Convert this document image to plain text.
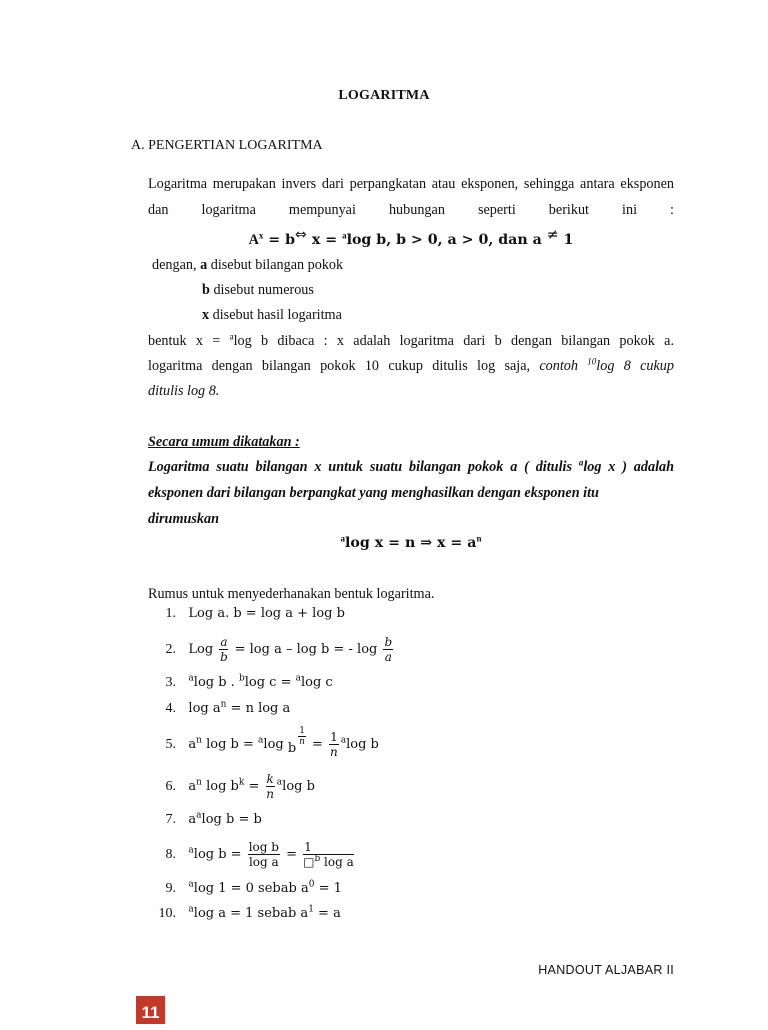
LOGARITMA
A. PENGERTIAN LOGARITMA
Logaritma merupakan invers dari perpangkatan atau eksponen, sehingga antara eksponen dan logaritma mempunyai hubungan seperti berikut ini :
$A^x$ = b⇔ x = $^a$log b, b > 0, a > 0, dan a ≠ 1
dengan, a disebut bilangan pokok
b disebut numerous
x disebut hasil logaritma
bentuk x = $^a$log b dibaca : x adalah logaritma dari b dengan bilangan pokok a.
logaritma dengan bilangan pokok 10 cukup ditulis log saja, contoh $^{10}$log 8 cukup
ditulis log 8.
Secara umum dikatakan :
Logaritma suatu bilangan x untuk suatu bilangan pokok a ( ditulis $^a$log x ) adalah eksponen dari bilangan berpangkat yang menghasilkan dengan eksponen itu
dirumuskan
$^a$log x = n ⇒ $x = a^n$
Rumus untuk menyederhanakan bentuk logaritma.
1. Log a. b = log a + log b
2. Log $\frac{a}{b} = \log a - \log b$ = - $\log \frac{b}{a}$
3. $^a$log b . $^b$log c = $^a$log c
4. $\log a^n = n$ log a
5. $a^n$ log b = $^a$log b
$\frac{1}{n} = \frac{1}{n} ^a\log$ b
6. $a^n$ $\log b^k = \frac{k}{n} ^a\log$ b
7. $a^a\log$ b = b
8. $^a$log $b = \frac{\text{log b}}{\text{log a}} = \frac{1}{□^b \log a}$
9. $^a$log 1 = 0 sebab $a^0 = 1$
10. $^a$log a = 1 sebab $a^1 = a$
HANDOUT ALJABAR II
11
